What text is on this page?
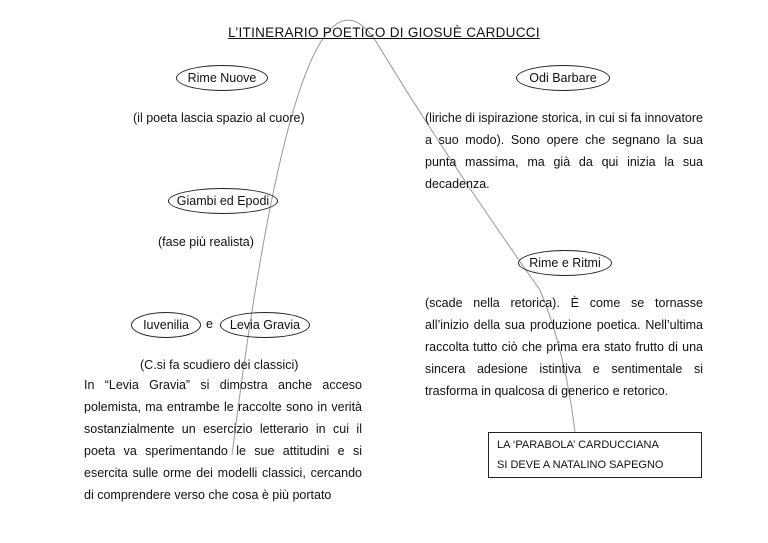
L’ITINERARIO POETICO DI GIOSUÈ CARDUCCI
Rime Nuove
(il poeta lascia spazio al cuore)
Giambi ed Epodi
(fase più realista)
Iuvenilia	e	Levia Gravia
(C.si fa scudiero dei classici)
In “Levia Gravia” si dimostra anche acceso polemista, ma entrambe le raccolte sono in verità sostanzialmente un esercizio letterario in cui il poeta va sperimentando le sue attitudini e si esercita sulle orme dei modelli classici, cercando di comprendere verso che cosa è più portato
Odi Barbare
(liriche di ispirazione storica, in cui si fa innovatore a suo modo). Sono opere che segnano la sua punta massima, ma già da qui inizia la sua decadenza.
Rime e Ritmi
(scade nella retorica). È come se tornasse all’inizio della sua produzione poetica. Nell’ultima raccolta tutto ciò che prima era stato frutto di una sincera adesione istintiva e sentimentale si trasforma in qualcosa di generico e retorico.
LA ‘PARABOLA’ CARDUCCIANA
SI DEVE A NATALINO SAPEGNO
